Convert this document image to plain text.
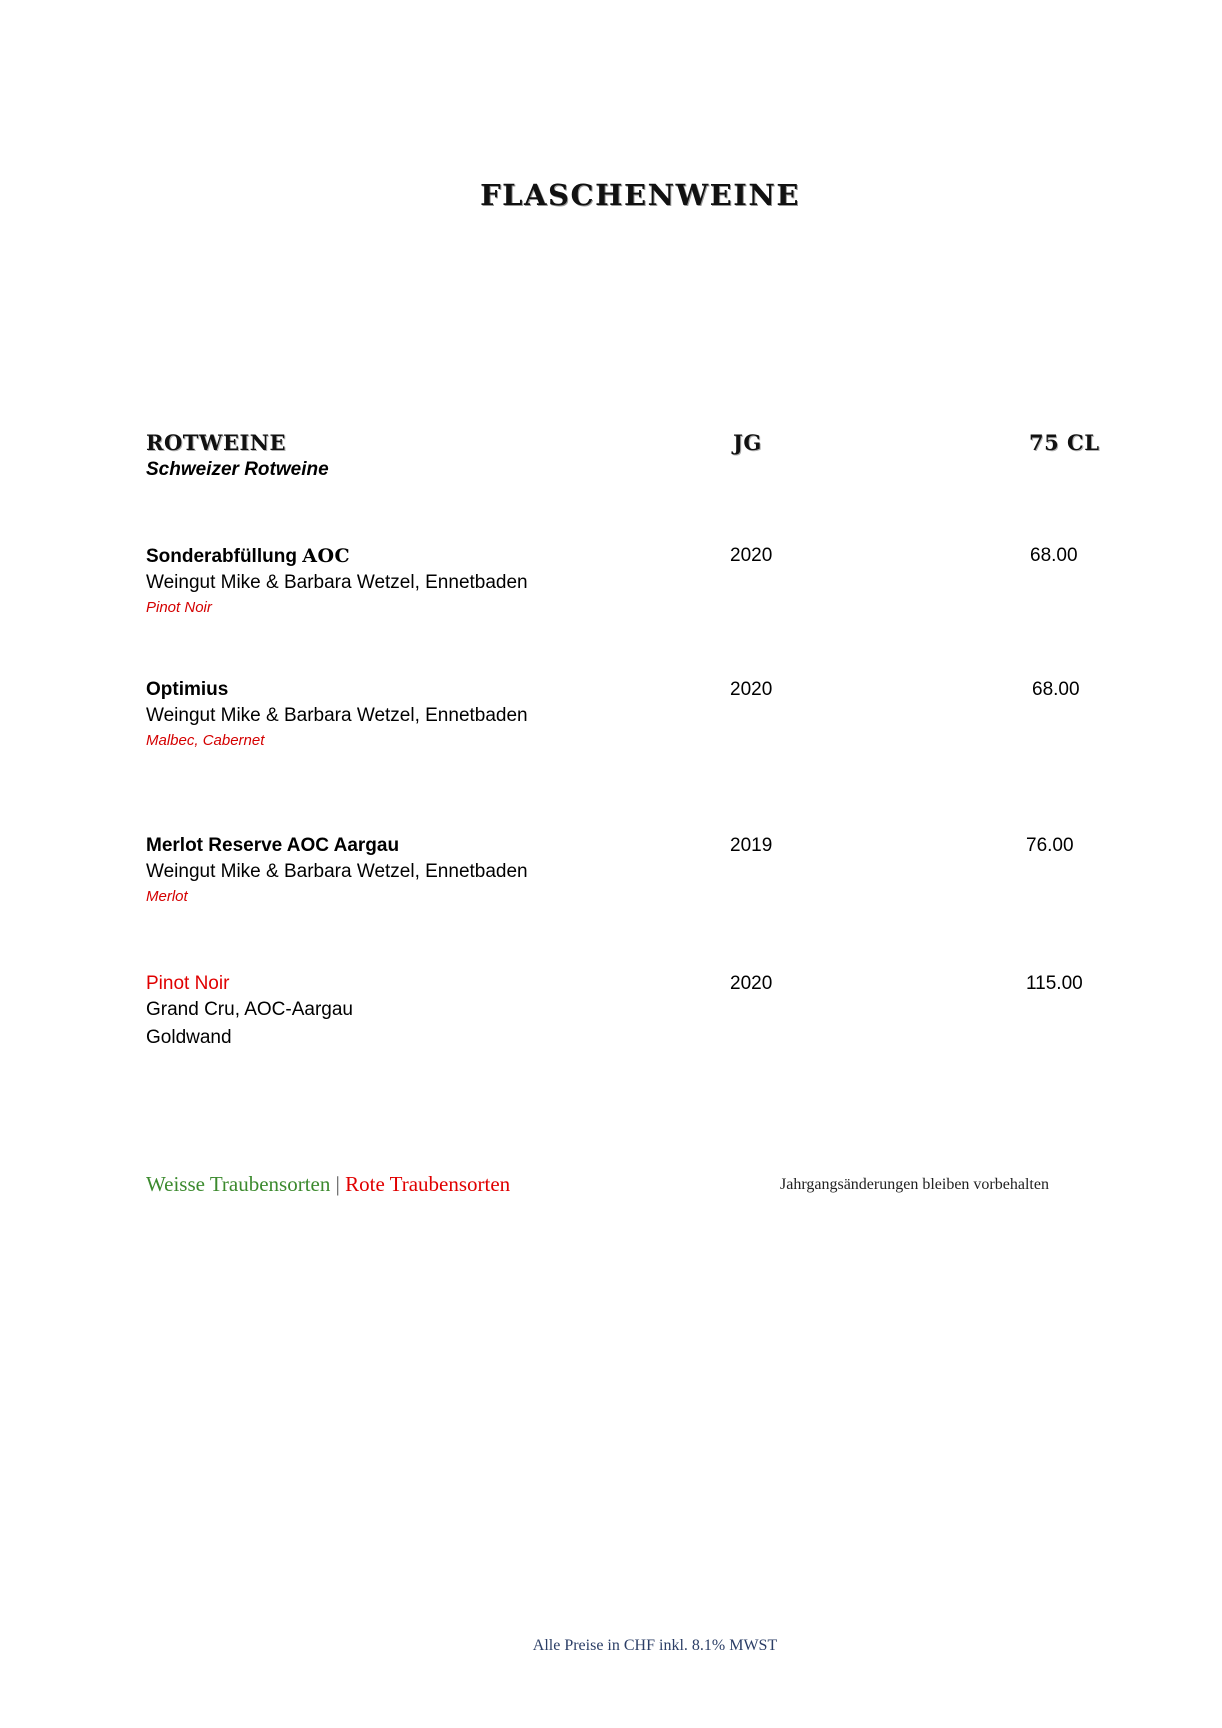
FLASCHENWEINE
ROTWEINE	JG	75 CL
Schweizer Rotweine
Sonderabfüllung AOC
Weingut Mike & Barbara Wetzel, Ennetbaden
Pinot Noir
2020	68.00
Optimius
Weingut Mike & Barbara Wetzel, Ennetbaden
Malbec, Cabernet
2020	68.00
Merlot Reserve AOC Aargau
Weingut Mike & Barbara Wetzel, Ennetbaden
Merlot
2019	76.00
Pinot Noir
Grand Cru, AOC-Aargau
Goldwand
2020	115.00
Weisse Traubensorten | Rote Traubensorten	Jahrgangsänderungen bleiben vorbehalten
Alle Preise in CHF inkl. 8.1% MWST
